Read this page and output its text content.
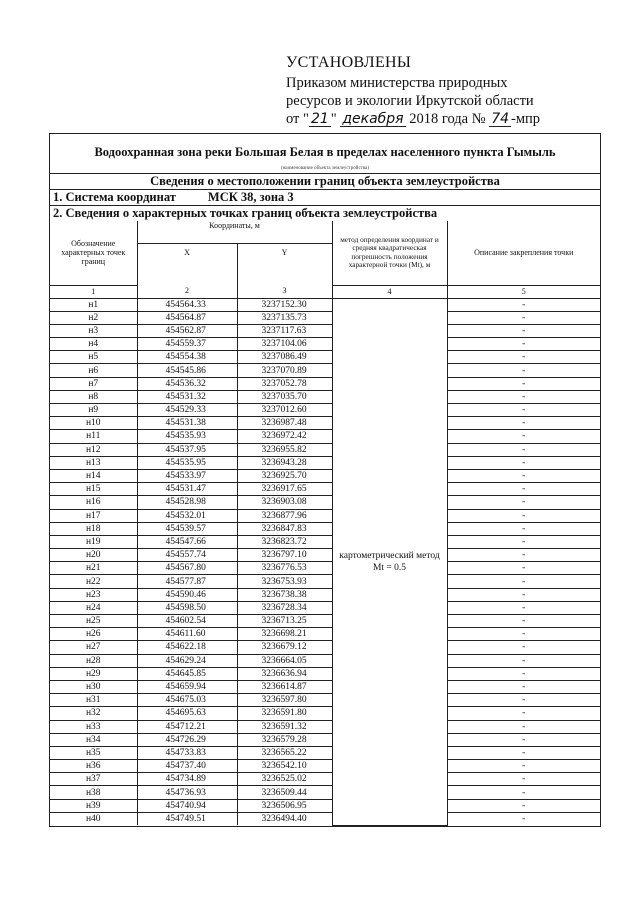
УСТАНОВЛЕНЫ
Приказом министерства природных
ресурсов и экологии Иркутской области
от " 21 " декабря 2018 года № 74 -мпр
Водоохранная зона реки Большая Белая в пределах населенного пункта Гымыль
(наименование объекта землеустройства)
Сведения о местоположении границ объекта землеустройства
1. Система координат	МСК 38, зона 3
2. Сведения о характерных точках границ объекта землеустройства
Обозначение характерных точек границ	Координаты, м		метод определения координат и средняя квадратическая погрешность положения характерной точки (Mt), м	Описание закрепления точки
	X	Y		
1	2	3	4	5
н1	454564.33	3237152.30	картометрический метод Mt = 0.5	-
н2	454564.87	3237135.73		-
н3	454562.87	3237117.63		-
н4	454559.37	3237104.06		-
н5	454554.38	3237086.49		-
н6	454545.86	3237070.89		-
н7	454536.32	3237052.78		-
н8	454531.32	3237035.70		-
н9	454529.33	3237012.60		-
н10	454531.38	3236987.48		-
н11	454535.93	3236972.42		-
н12	454537.95	3236955.82		-
н13	454535.95	3236943.28		-
н14	454533.97	3236925.70		-
н15	454531.47	3236917.65		-
н16	454528.98	3236903.08		-
н17	454532.01	3236877.96		-
н18	454539.57	3236847.83		-
н19	454547.66	3236823.72		-
н20	454557.74	3236797.10		-
н21	454567.80	3236776.53		-
н22	454577.87	3236753.93		-
н23	454590.46	3236738.38		-
н24	454598.50	3236728.34		-
н25	454602.54	3236713.25		-
н26	454611.60	3236698.21		-
н27	454622.18	3236679.12		-
н28	454629.24	3236664.05		-
н29	454645.85	3236636.94		-
н30	454659.94	3236614.87		-
н31	454675.03	3236597.80		-
н32	454695.63	3236591.80		-
н33	454712.21	3236591.32		-
н34	454726.29	3236579.28		-
н35	454733.83	3236565.22		-
н36	454737.40	3236542.10		-
н37	454734.89	3236525.02		-
н38	454736.93	3236509.44		-
н39	454740.94	3236506.95		-
н40	454749.51	3236494.40		-
